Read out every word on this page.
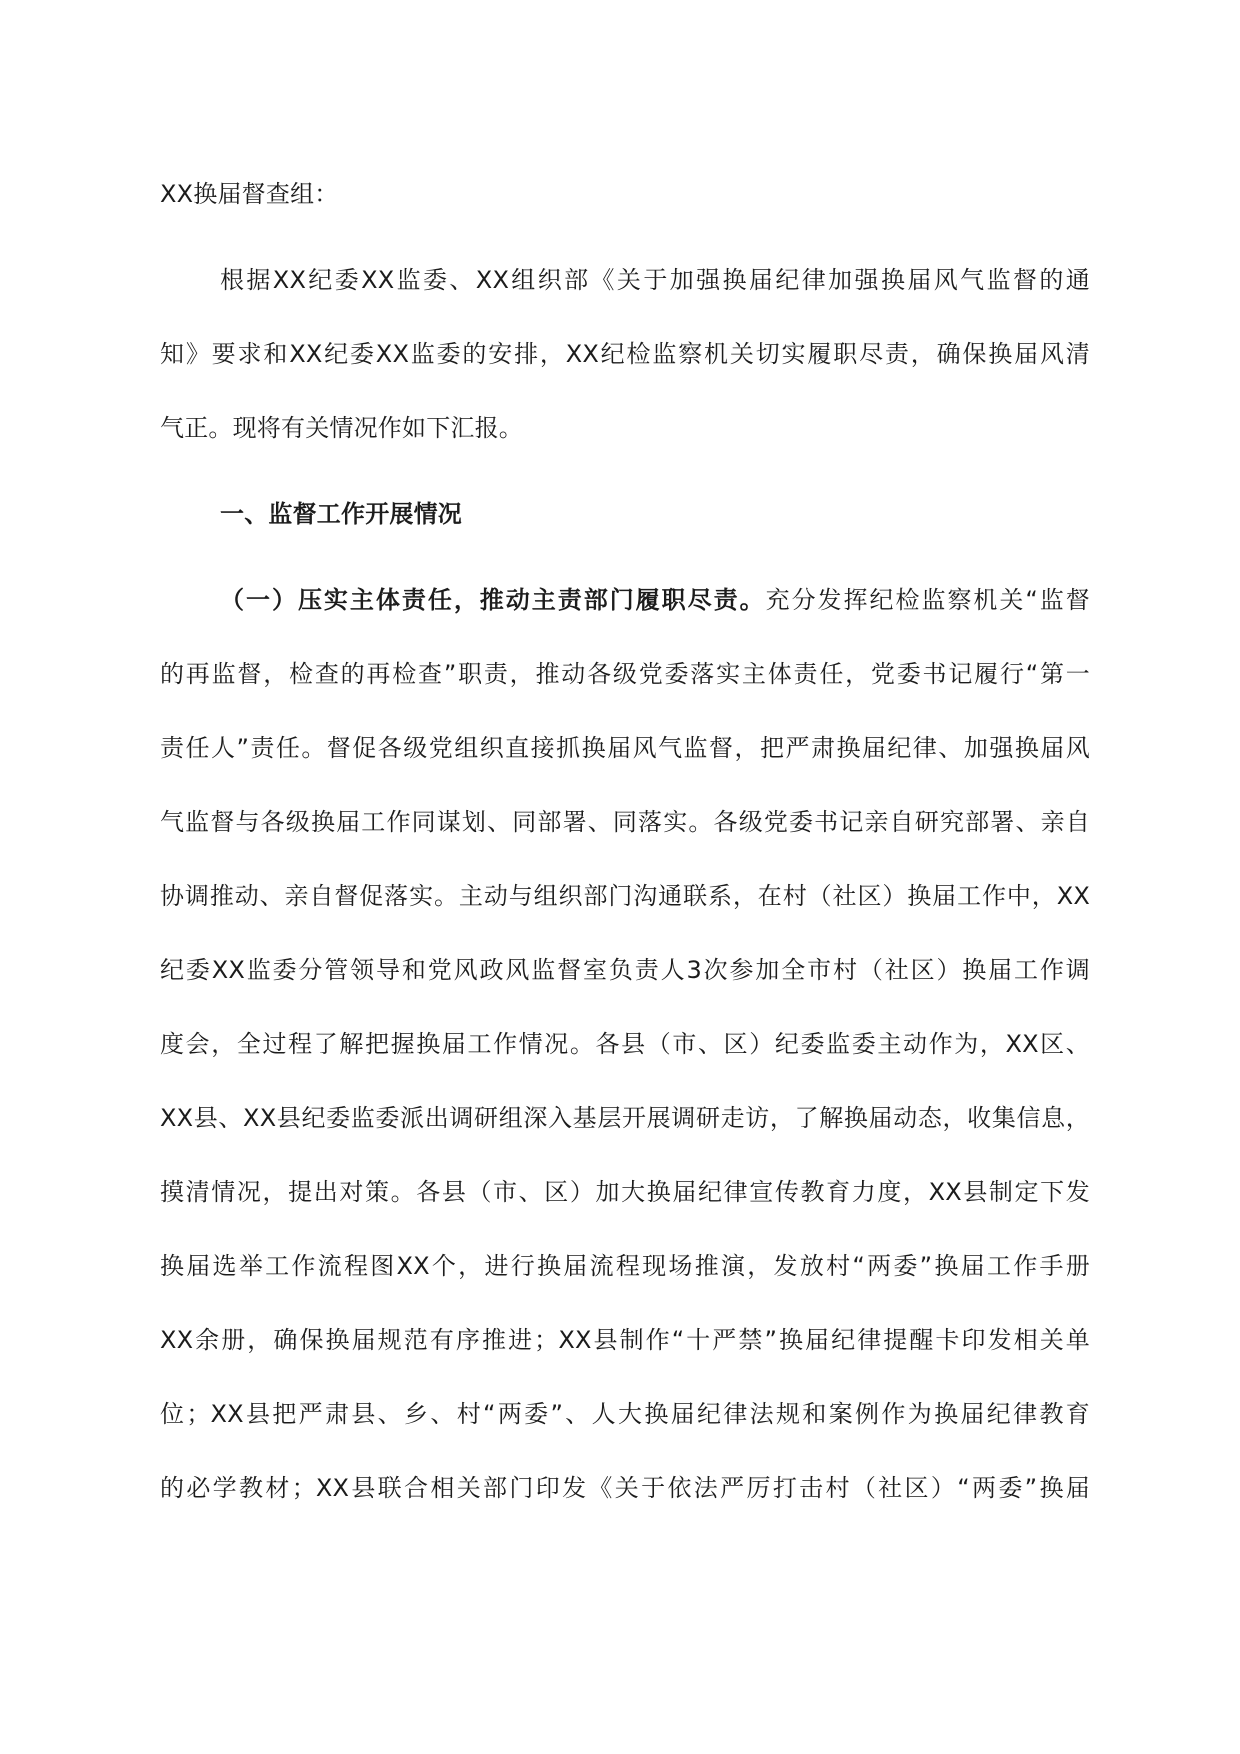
XX换届督查组：
根据XX纪委XX监委、XX组织部《关于加强换届纪律加强换届风气监督的通
知》要求和XX纪委XX监委的安排，XX纪检监察机关切实履职尽责，确保换届风清
气正。现将有关情况作如下汇报。
一、监督工作开展情况
（一）压实主体责任，推动主责部门履职尽责。充分发挥纪检监察机关“监督
的再监督，检查的再检查”职责，推动各级党委落实主体责任，党委书记履行“第一
责任人”责任。督促各级党组织直接抓换届风气监督，把严肃换届纪律、加强换届风
气监督与各级换届工作同谋划、同部署、同落实。各级党委书记亲自研究部署、亲自
协调推动、亲自督促落实。主动与组织部门沟通联系，在村（社区）换届工作中，XX
纪委XX监委分管领导和党风政风监督室负责人3次参加全市村（社区）换届工作调
度会，全过程了解把握换届工作情况。各县（市、区）纪委监委主动作为，XX区、
XX县、XX县纪委监委派出调研组深入基层开展调研走访，了解换届动态，收集信息，
摸清情况，提出对策。各县（市、区）加大换届纪律宣传教育力度，XX县制定下发
换届选举工作流程图XX个，进行换届流程现场推演，发放村“两委”换届工作手册
XX余册，确保换届规范有序推进；XX县制作“十严禁”换届纪律提醒卡印发相关单
位；XX县把严肃县、乡、村“两委”、人大换届纪律法规和案例作为换届纪律教育
的必学教材；XX县联合相关部门印发《关于依法严厉打击村（社区）“两委”换届
